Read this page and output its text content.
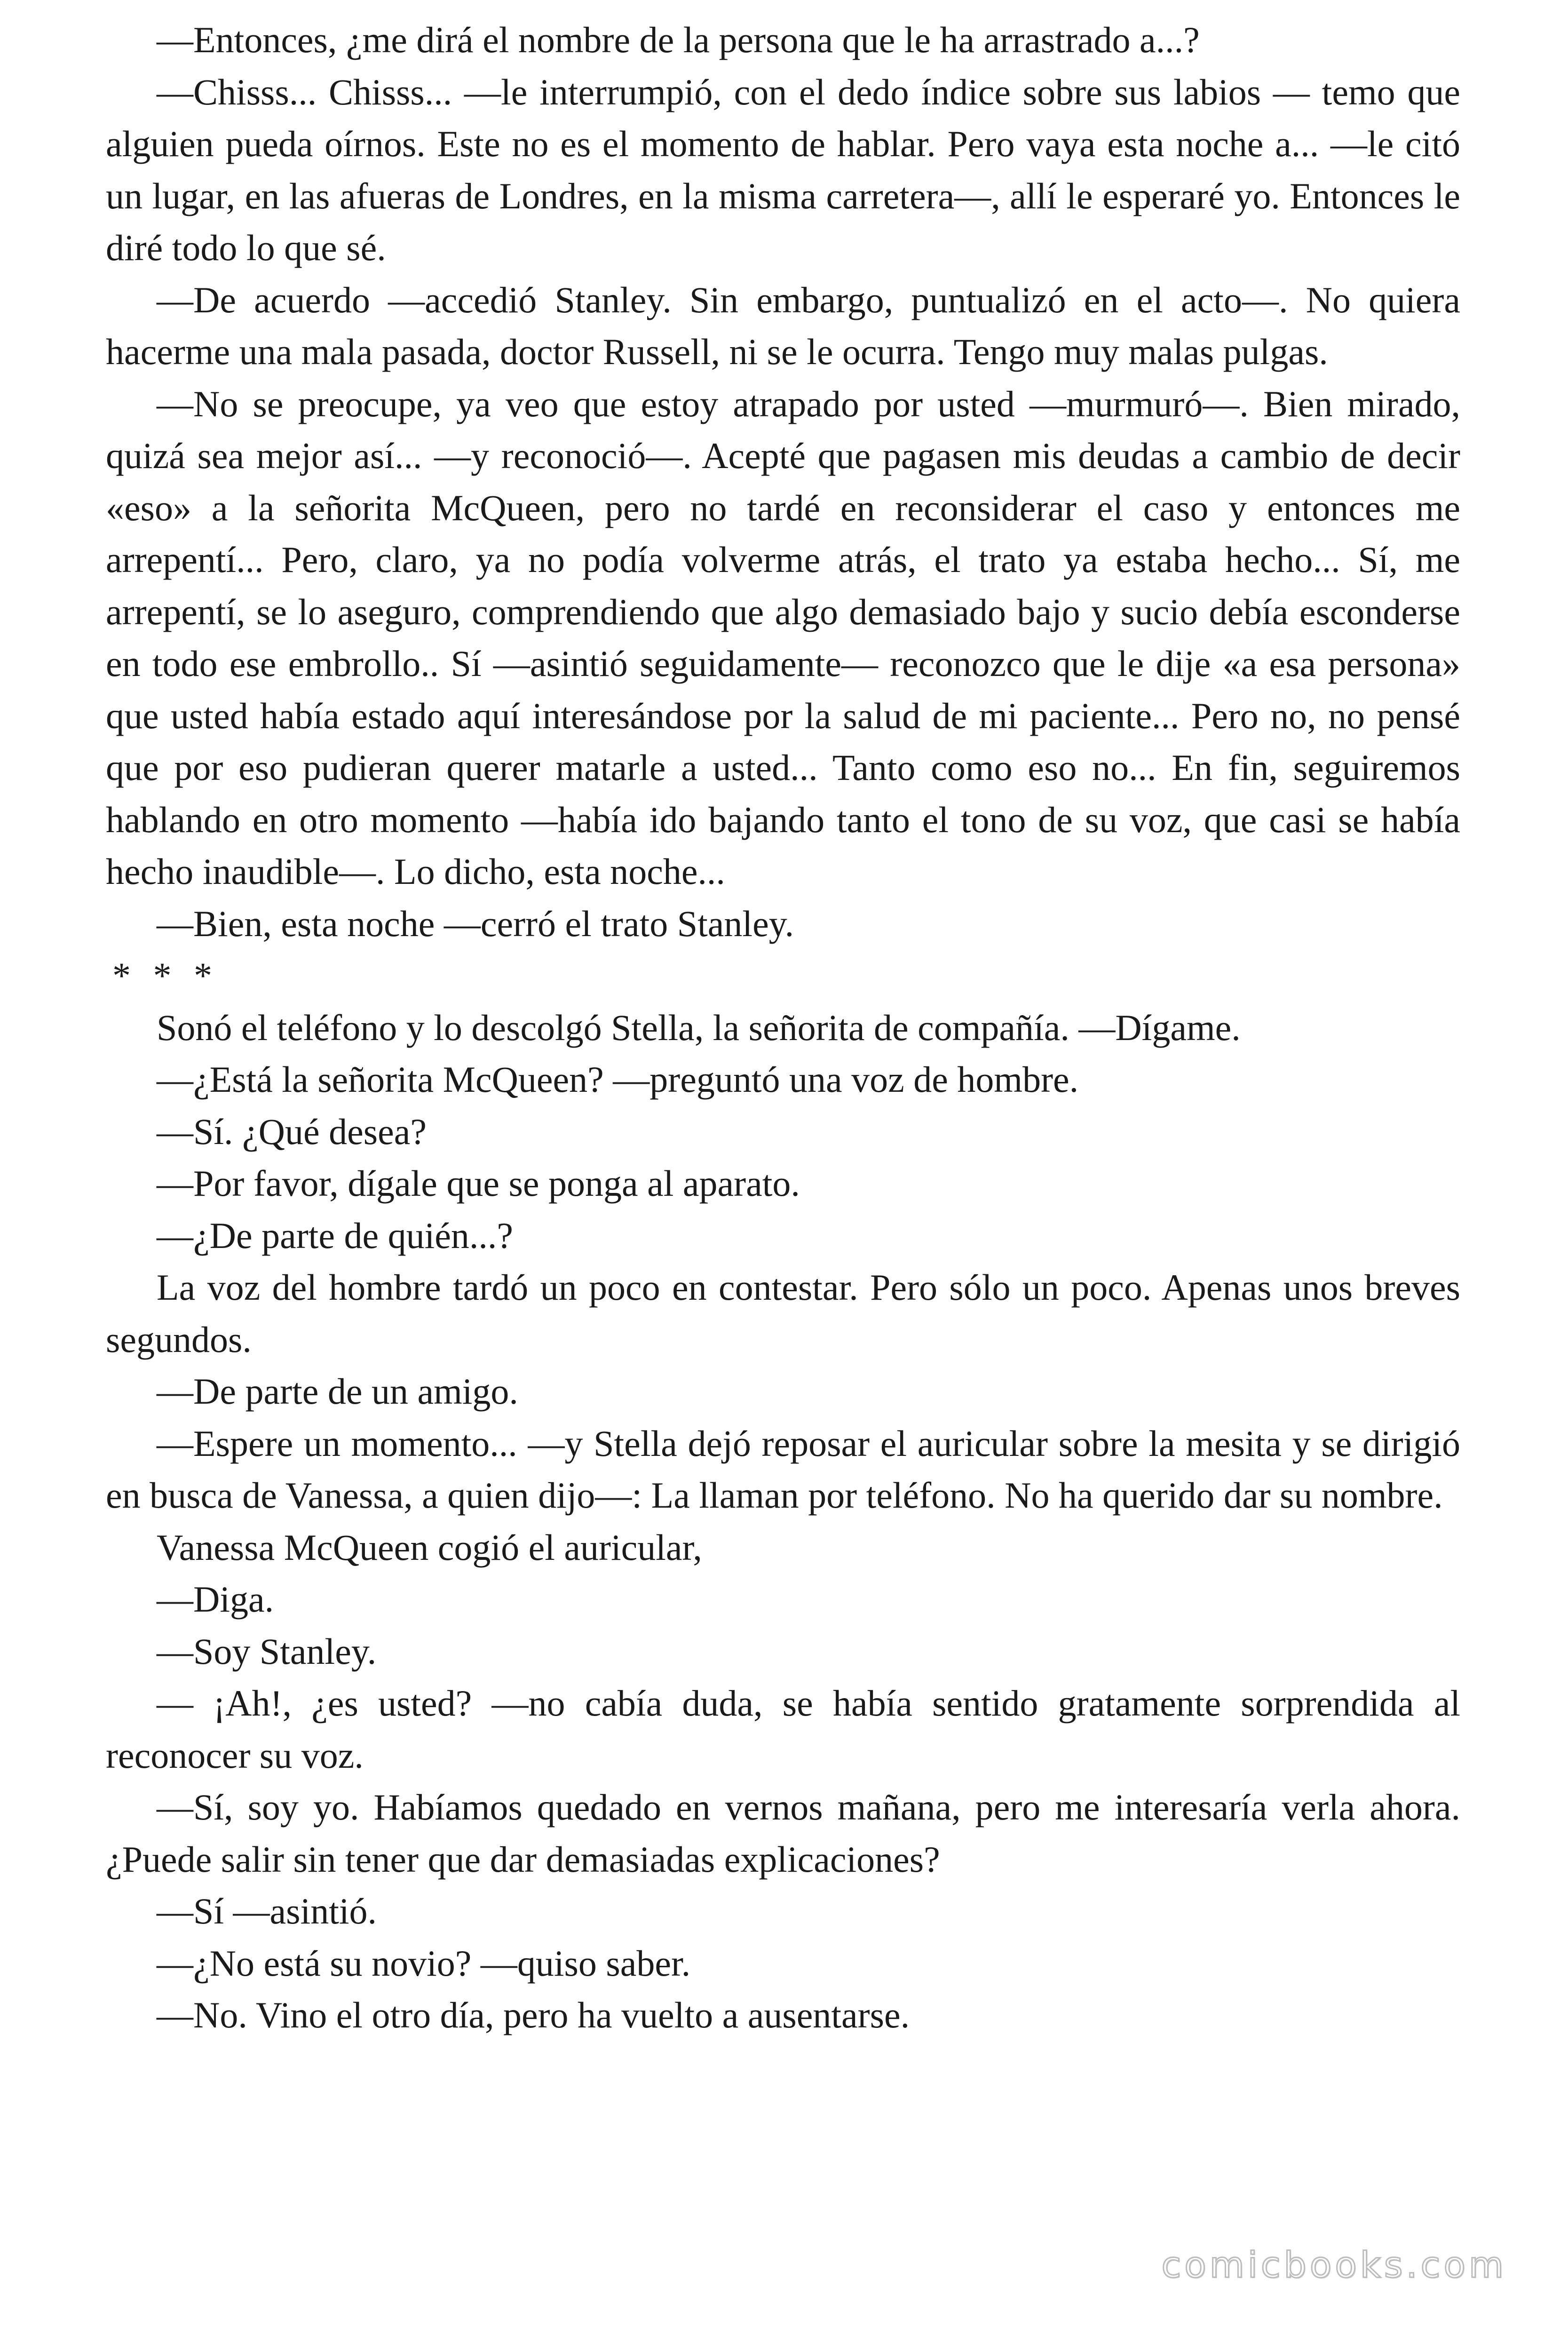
—Entonces, ¿me dirá el nombre de la persona que le ha arrastrado a...?

—Chisss... Chisss... —le interrumpió, con el dedo índice sobre sus labios — temo que alguien pueda oírnos. Este no es el momento de hablar. Pero vaya esta noche a... —le citó un lugar, en las afueras de Londres, en la misma carretera—, allí le esperaré yo. Entonces le diré todo lo que sé.

—De acuerdo —accedió Stanley. Sin embargo, puntualizó en el acto—. No quiera hacerme una mala pasada, doctor Russell, ni se le ocurra. Tengo muy malas pulgas.

—No se preocupe, ya veo que estoy atrapado por usted —murmuró—. Bien mirado, quizá sea mejor así... —y reconoció—. Acepté que pagasen mis deudas a cambio de decir «eso» a la señorita McQueen, pero no tardé en reconsiderar el caso y entonces me arrepentí... Pero, claro, ya no podía volverme atrás, el trato ya estaba hecho... Sí, me arrepentí, se lo aseguro, comprendiendo que algo demasiado bajo y sucio debía esconderse en todo ese embrollo.. Sí —asintió seguidamente— reconozco que le dije «a esa persona» que usted había estado aquí interesándose por la salud de mi paciente... Pero no, no pensé que por eso pudieran querer matarle a usted... Tanto como eso no... En fin, seguiremos hablando en otro momento —había ido bajando tanto el tono de su voz, que casi se había hecho inaudible—. Lo dicho, esta noche...

—Bien, esta noche —cerró el trato Stanley.

* * *

Sonó el teléfono y lo descolgó Stella, la señorita de compañía. —Dígame.

—¿Está la señorita McQueen? —preguntó una voz de hombre.

—Sí. ¿Qué desea?

—Por favor, dígale que se ponga al aparato.

—¿De parte de quién...?

La voz del hombre tardó un poco en contestar. Pero sólo un poco. Apenas unos breves segundos.

—De parte de un amigo.

—Espere un momento... —y Stella dejó reposar el auricular sobre la mesita y se dirigió en busca de Vanessa, a quien dijo—: La llaman por teléfono. No ha querido dar su nombre.

Vanessa McQueen cogió el auricular,

—Diga.

—Soy Stanley.

— ¡Ah!, ¿es usted? —no cabía duda, se había sentido gratamente sorprendida al reconocer su voz.

—Sí, soy yo. Habíamos quedado en vernos mañana, pero me interesaría verla ahora. ¿Puede salir sin tener que dar demasiadas explicaciones?

—Sí —asintió.

—¿No está su novio? —quiso saber.

—No. Vino el otro día, pero ha vuelto a ausentarse.

comicbooks.com
